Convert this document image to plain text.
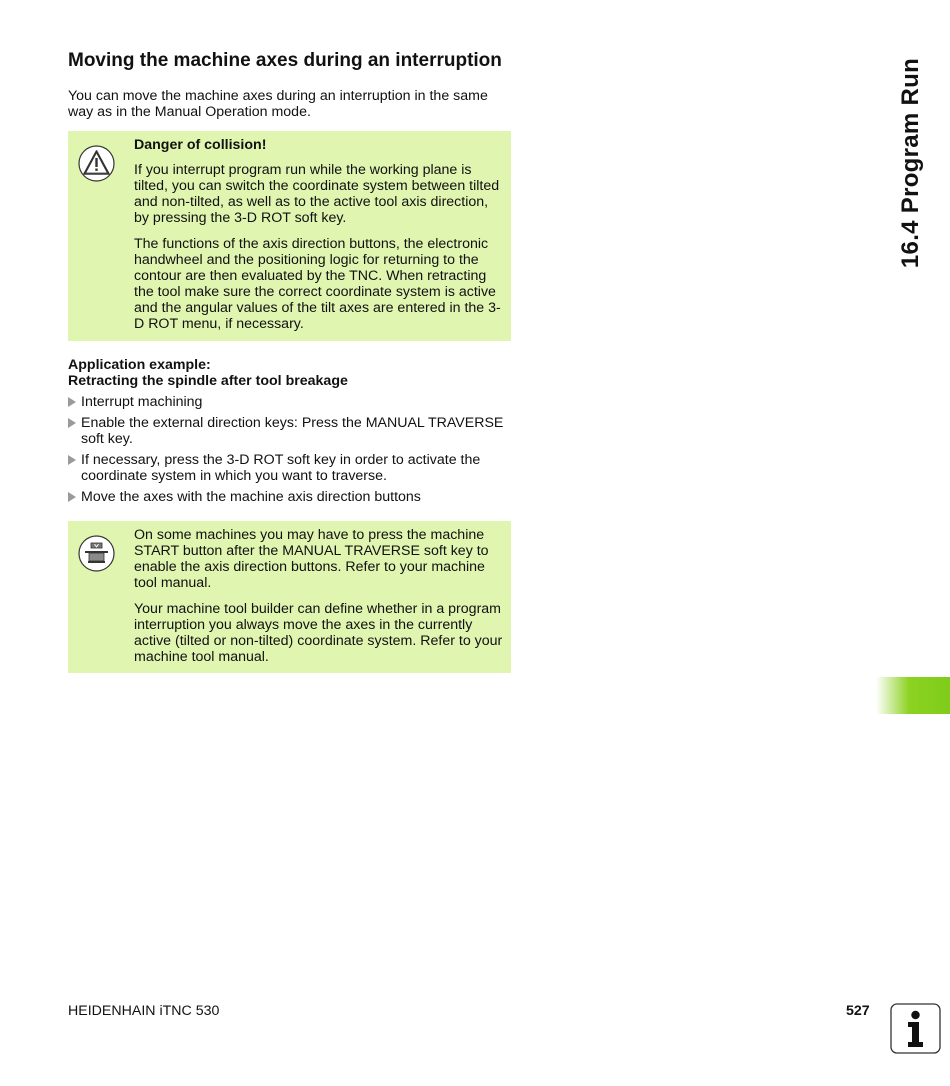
Moving the machine axes during an interruption

You can move the machine axes during an interruption in the same way as in the Manual Operation mode.

Danger of collision!

If you interrupt program run while the working plane is tilted, you can switch the coordinate system between tilted and non-tilted, as well as to the active tool axis direction, by pressing the 3-D ROT soft key.

The functions of the axis direction buttons, the electronic handwheel and the positioning logic for returning to the contour are then evaluated by the TNC. When retracting the tool make sure the correct coordinate system is active and the angular values of the tilt axes are entered in the 3-D ROT menu, if necessary.

Application example:
Retracting the spindle after tool breakage
Interrupt machining
Enable the external direction keys: Press the MANUAL TRAVERSE soft key.
If necessary, press the 3-D ROT soft key in order to activate the coordinate system in which you want to traverse.
Move the axes with the machine axis direction buttons

On some machines you may have to press the machine START button after the MANUAL TRAVERSE soft key to enable the axis direction buttons. Refer to your machine tool manual.

Your machine tool builder can define whether in a program interruption you always move the axes in the currently active (tilted or non-tilted) coordinate system. Refer to your machine tool manual.

16.4 Program Run
HEIDENHAIN iTNC 530	527
